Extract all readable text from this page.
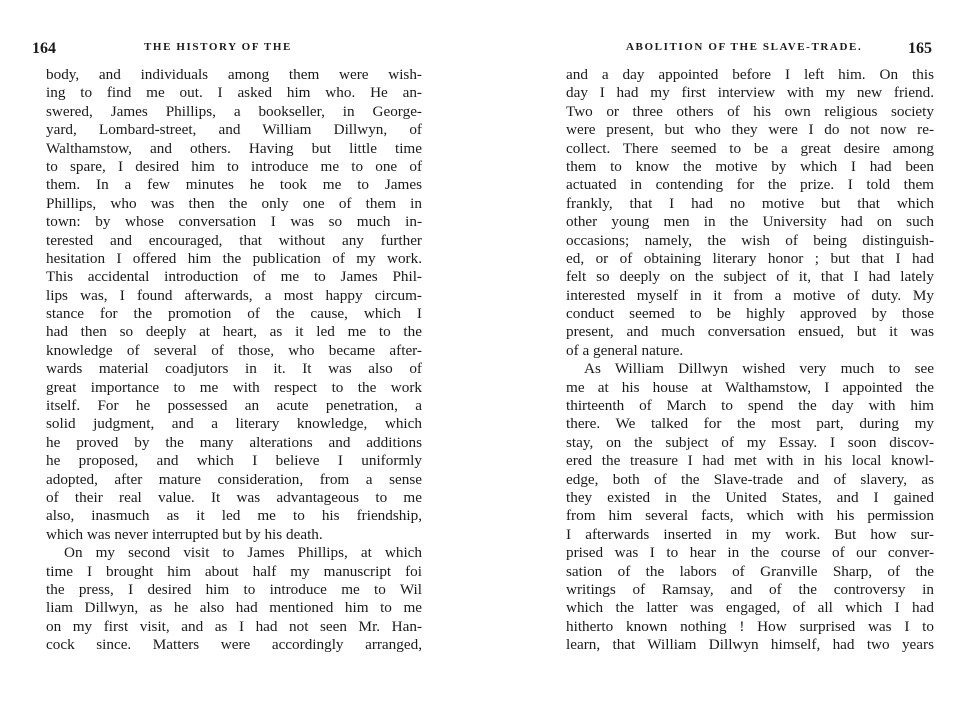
164	THE HISTORY OF THE
body, and individuals among them were wish-
ing to find me out. I asked him who. He an-
swered, James Phillips, a bookseller, in George-
yard, Lombard-street, and William Dillwyn, of
Walthamstow, and others. Having but little time
to spare, I desired him to introduce me to one of
them. In a few minutes he took me to James
Phillips, who was then the only one of them in
town: by whose conversation I was so much in-
terested and encouraged, that without any further
hesitation I offered him the publication of my work.
This accidental introduction of me to James Phil-
lips was, I found afterwards, a most happy circum-
stance for the promotion of the cause, which I
had then so deeply at heart, as it led me to the
knowledge of several of those, who became after-
wards material coadjutors in it. It was also of
great importance to me with respect to the work
itself. For he possessed an acute penetration, a
solid judgment, and a literary knowledge, which
he proved by the many alterations and additions
he proposed, and which I believe I uniformly
adopted, after mature consideration, from a sense
of their real value. It was advantageous to me
also, inasmuch as it led me to his friendship,
which was never interrupted but by his death.
On my second visit to James Phillips, at which
time I brought him about half my manuscript foi
the press, I desired him to introduce me to Wil
liam Dillwyn, as he also had mentioned him to me
on my first visit, and as I had not seen Mr. Han-
cock since. Matters were accordingly arranged,
ABOLITION OF THE SLAVE-TRADE.	165
and a day appointed before I left him. On this
day I had my first interview with my new friend.
Two or three others of his own religious society
were present, but who they were I do not now re-
collect. There seemed to be a great desire among
them to know the motive by which I had been
actuated in contending for the prize. I told them
frankly, that I had no motive but that which
other young men in the University had on such
occasions; namely, the wish of being distinguish-
ed, or of obtaining literary honor ; but that I had
felt so deeply on the subject of it, that I had lately
interested myself in it from a motive of duty. My
conduct seemed to be highly approved by those
present, and much conversation ensued, but it was
of a general nature.
As William Dillwyn wished very much to see
me at his house at Walthamstow, I appointed the
thirteenth of March to spend the day with him
there. We talked for the most part, during my
stay, on the subject of my Essay. I soon discov-
ered the treasure I had met with in his local knowl-
edge, both of the Slave-trade and of slavery, as
they existed in the United States, and I gained
from him several facts, which with his permission
I afterwards inserted in my work. But how sur-
prised was I to hear in the course of our conver-
sation of the labors of Granville Sharp, of the
writings of Ramsay, and of the controversy in
which the latter was engaged, of all which I had
hitherto known nothing ! How surprised was I to
learn, that William Dillwyn himself, had two years
